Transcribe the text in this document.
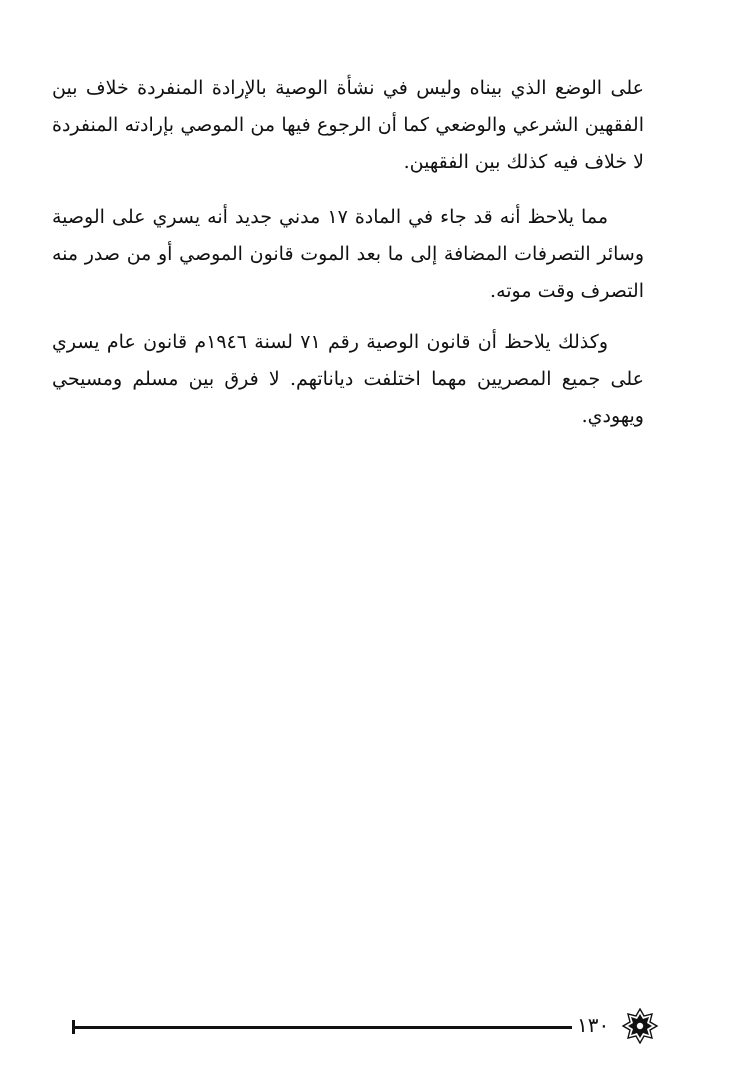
على الوضع الذي بيناه وليس في نشأة الوصية بالإرادة المنفردة خلاف بين الفقهين الشرعي والوضعي كما أن الرجوع فيها من الموصي بإرادته المنفردة لا خلاف فيه كذلك بين الفقهين.

مما يلاحظ أنه قد جاء في المادة ١٧ مدني جديد أنه يسري على الوصية وسائر التصرفات المضافة إلى ما بعد الموت قانون الموصي أو من صدر منه التصرف وقت موته.

وكذلك يلاحظ أن قانون الوصية رقم ٧١ لسنة ١٩٤٦م قانون عام يسري على جميع المصريين مهما اختلفت دياناتهم. لا فرق بين مسلم ومسيحي ويهودي.

١٣٠
